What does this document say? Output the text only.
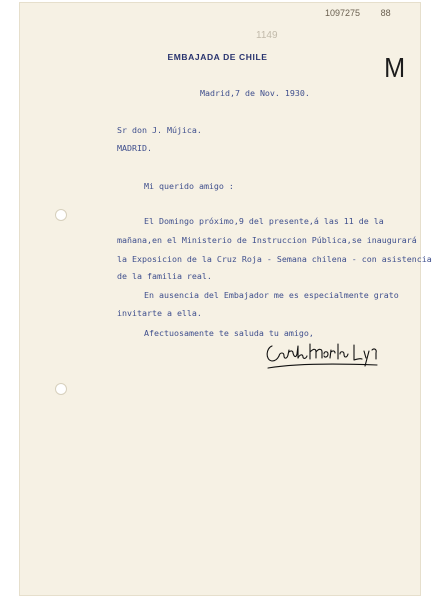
1097275 88
1149
M
EMBAJADA DE CHILE
Madrid,7 de Nov. 1930.
Sr don J. Mújica.
MADRID.
Mi querido amigo :
El Domingo próximo,9 del presente,á las 11 de la
mañana,en el Ministerio de Instruccion Pública,se inaugurará
la Exposicion de la Cruz Roja - Semana chilena - con asistencia
de la familia real.
En ausencia del Embajador me es especialmente grato
invitarte a ella.
Afectuosamente te saluda tu amigo,
